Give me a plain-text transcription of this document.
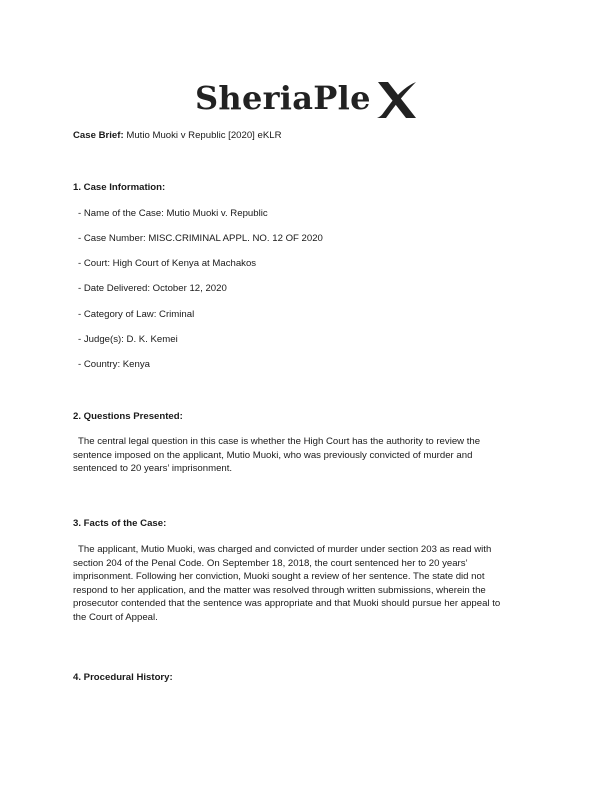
SheriaPle
Case Brief: Mutio Muoki v Republic [2020] eKLR
1. Case Information:
- Name of the Case: Mutio Muoki v. Republic
- Case Number: MISC.CRIMINAL APPL. NO. 12 OF 2020
- Court: High Court of Kenya at Machakos
- Date Delivered: October 12, 2020
- Category of Law: Criminal
- Judge(s): D. K. Kemei
- Country: Kenya
2. Questions Presented:
The central legal question in this case is whether the High Court has the authority to review the
sentence imposed on the applicant, Mutio Muoki, who was previously convicted of murder and
sentenced to 20 years’ imprisonment.
3. Facts of the Case:
The applicant, Mutio Muoki, was charged and convicted of murder under section 203 as read with
section 204 of the Penal Code. On September 18, 2018, the court sentenced her to 20 years’
imprisonment. Following her conviction, Muoki sought a review of her sentence. The state did not
respond to her application, and the matter was resolved through written submissions, wherein the
prosecutor contended that the sentence was appropriate and that Muoki should pursue her appeal to
the Court of Appeal.
4. Procedural History:
